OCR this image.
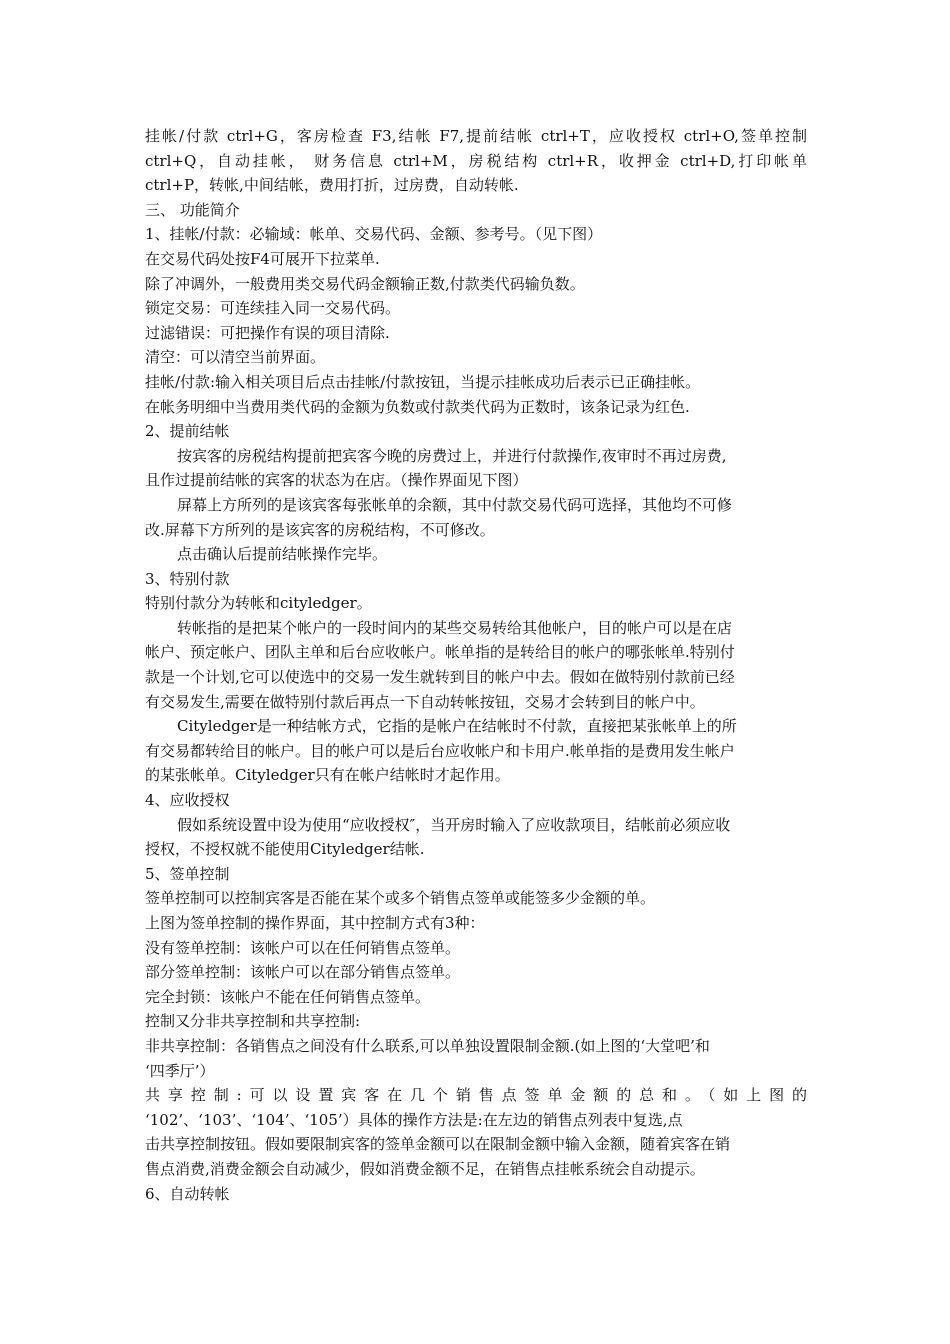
挂帐/付款 ctrl+G，客房检查 F3,结帐 F7,提前结帐 ctrl+T，应收授权 ctrl+O,签单控制
ctrl+Q，自动挂帐， 财务信息 ctrl+M，房税结构 ctrl+R，收押金 ctrl+D,打印帐单
ctrl+P，转帐,中间结帐，费用打折，过房费，自动转帐.
三、 功能简介
1、挂帐/付款：必输域：帐单、交易代码、金额、参考号。（见下图）
在交易代码处按F4可展开下拉菜单.
除了冲调外，一般费用类交易代码金额输正数,付款类代码输负数。
锁定交易：可连续挂入同一交易代码。
过滤错误：可把操作有误的项目清除.
清空：可以清空当前界面。
挂帐/付款:输入相关项目后点击挂帐/付款按钮，当提示挂帐成功后表示已正确挂帐。
在帐务明细中当费用类代码的金额为负数或付款类代码为正数时，该条记录为红色.
2、提前结帐
按宾客的房税结构提前把宾客今晚的房费过上，并进行付款操作,夜审时不再过房费,
且作过提前结帐的宾客的状态为在店。（操作界面见下图）
屏幕上方所列的是该宾客每张帐单的余额，其中付款交易代码可选择，其他均不可修
改.屏幕下方所列的是该宾客的房税结构，不可修改。
点击确认后提前结帐操作完毕。
3、特别付款
特别付款分为转帐和cityledger。
转帐指的是把某个帐户的一段时间内的某些交易转给其他帐户，目的帐户可以是在店
帐户、预定帐户、团队主单和后台应收帐户。帐单指的是转给目的帐户的哪张帐单.特别付
款是一个计划,它可以使选中的交易一发生就转到目的帐户中去。假如在做特别付款前已经
有交易发生,需要在做特别付款后再点一下自动转帐按钮，交易才会转到目的帐户中。
Cityledger是一种结帐方式，它指的是帐户在结帐时不付款，直接把某张帐单上的所
有交易都转给目的帐户。目的帐户可以是后台应收帐户和卡用户.帐单指的是费用发生帐户
的某张帐单。Cityledger只有在帐户结帐时才起作用。
4、应收授权
假如系统设置中设为使用“应收授权″，当开房时输入了应收款项目，结帐前必须应收
授权，不授权就不能使用Cityledger结帐.
5、签单控制
签单控制可以控制宾客是否能在某个或多个销售点签单或能签多少金额的单。
上图为签单控制的操作界面，其中控制方式有3种：
没有签单控制：该帐户可以在任何销售点签单。
部分签单控制：该帐户可以在部分销售点签单。
完全封锁：该帐户不能在任何销售点签单。
控制又分非共享控制和共享控制:
非共享控制：各销售点之间没有什么联系,可以单独设置限制金额.(如上图的‘大堂吧’和
‘四季厅’）
共享控制:可以设置宾客在几个销售点签单金额的总和。（如上图的
‘102’、‘103’、‘104’、‘105’）具体的操作方法是:在左边的销售点列表中复选,点
击共享控制按钮。假如要限制宾客的签单金额可以在限制金额中输入金额，随着宾客在销
售点消费,消费金额会自动减少，假如消费金额不足，在销售点挂帐系统会自动提示。
6、自动转帐
